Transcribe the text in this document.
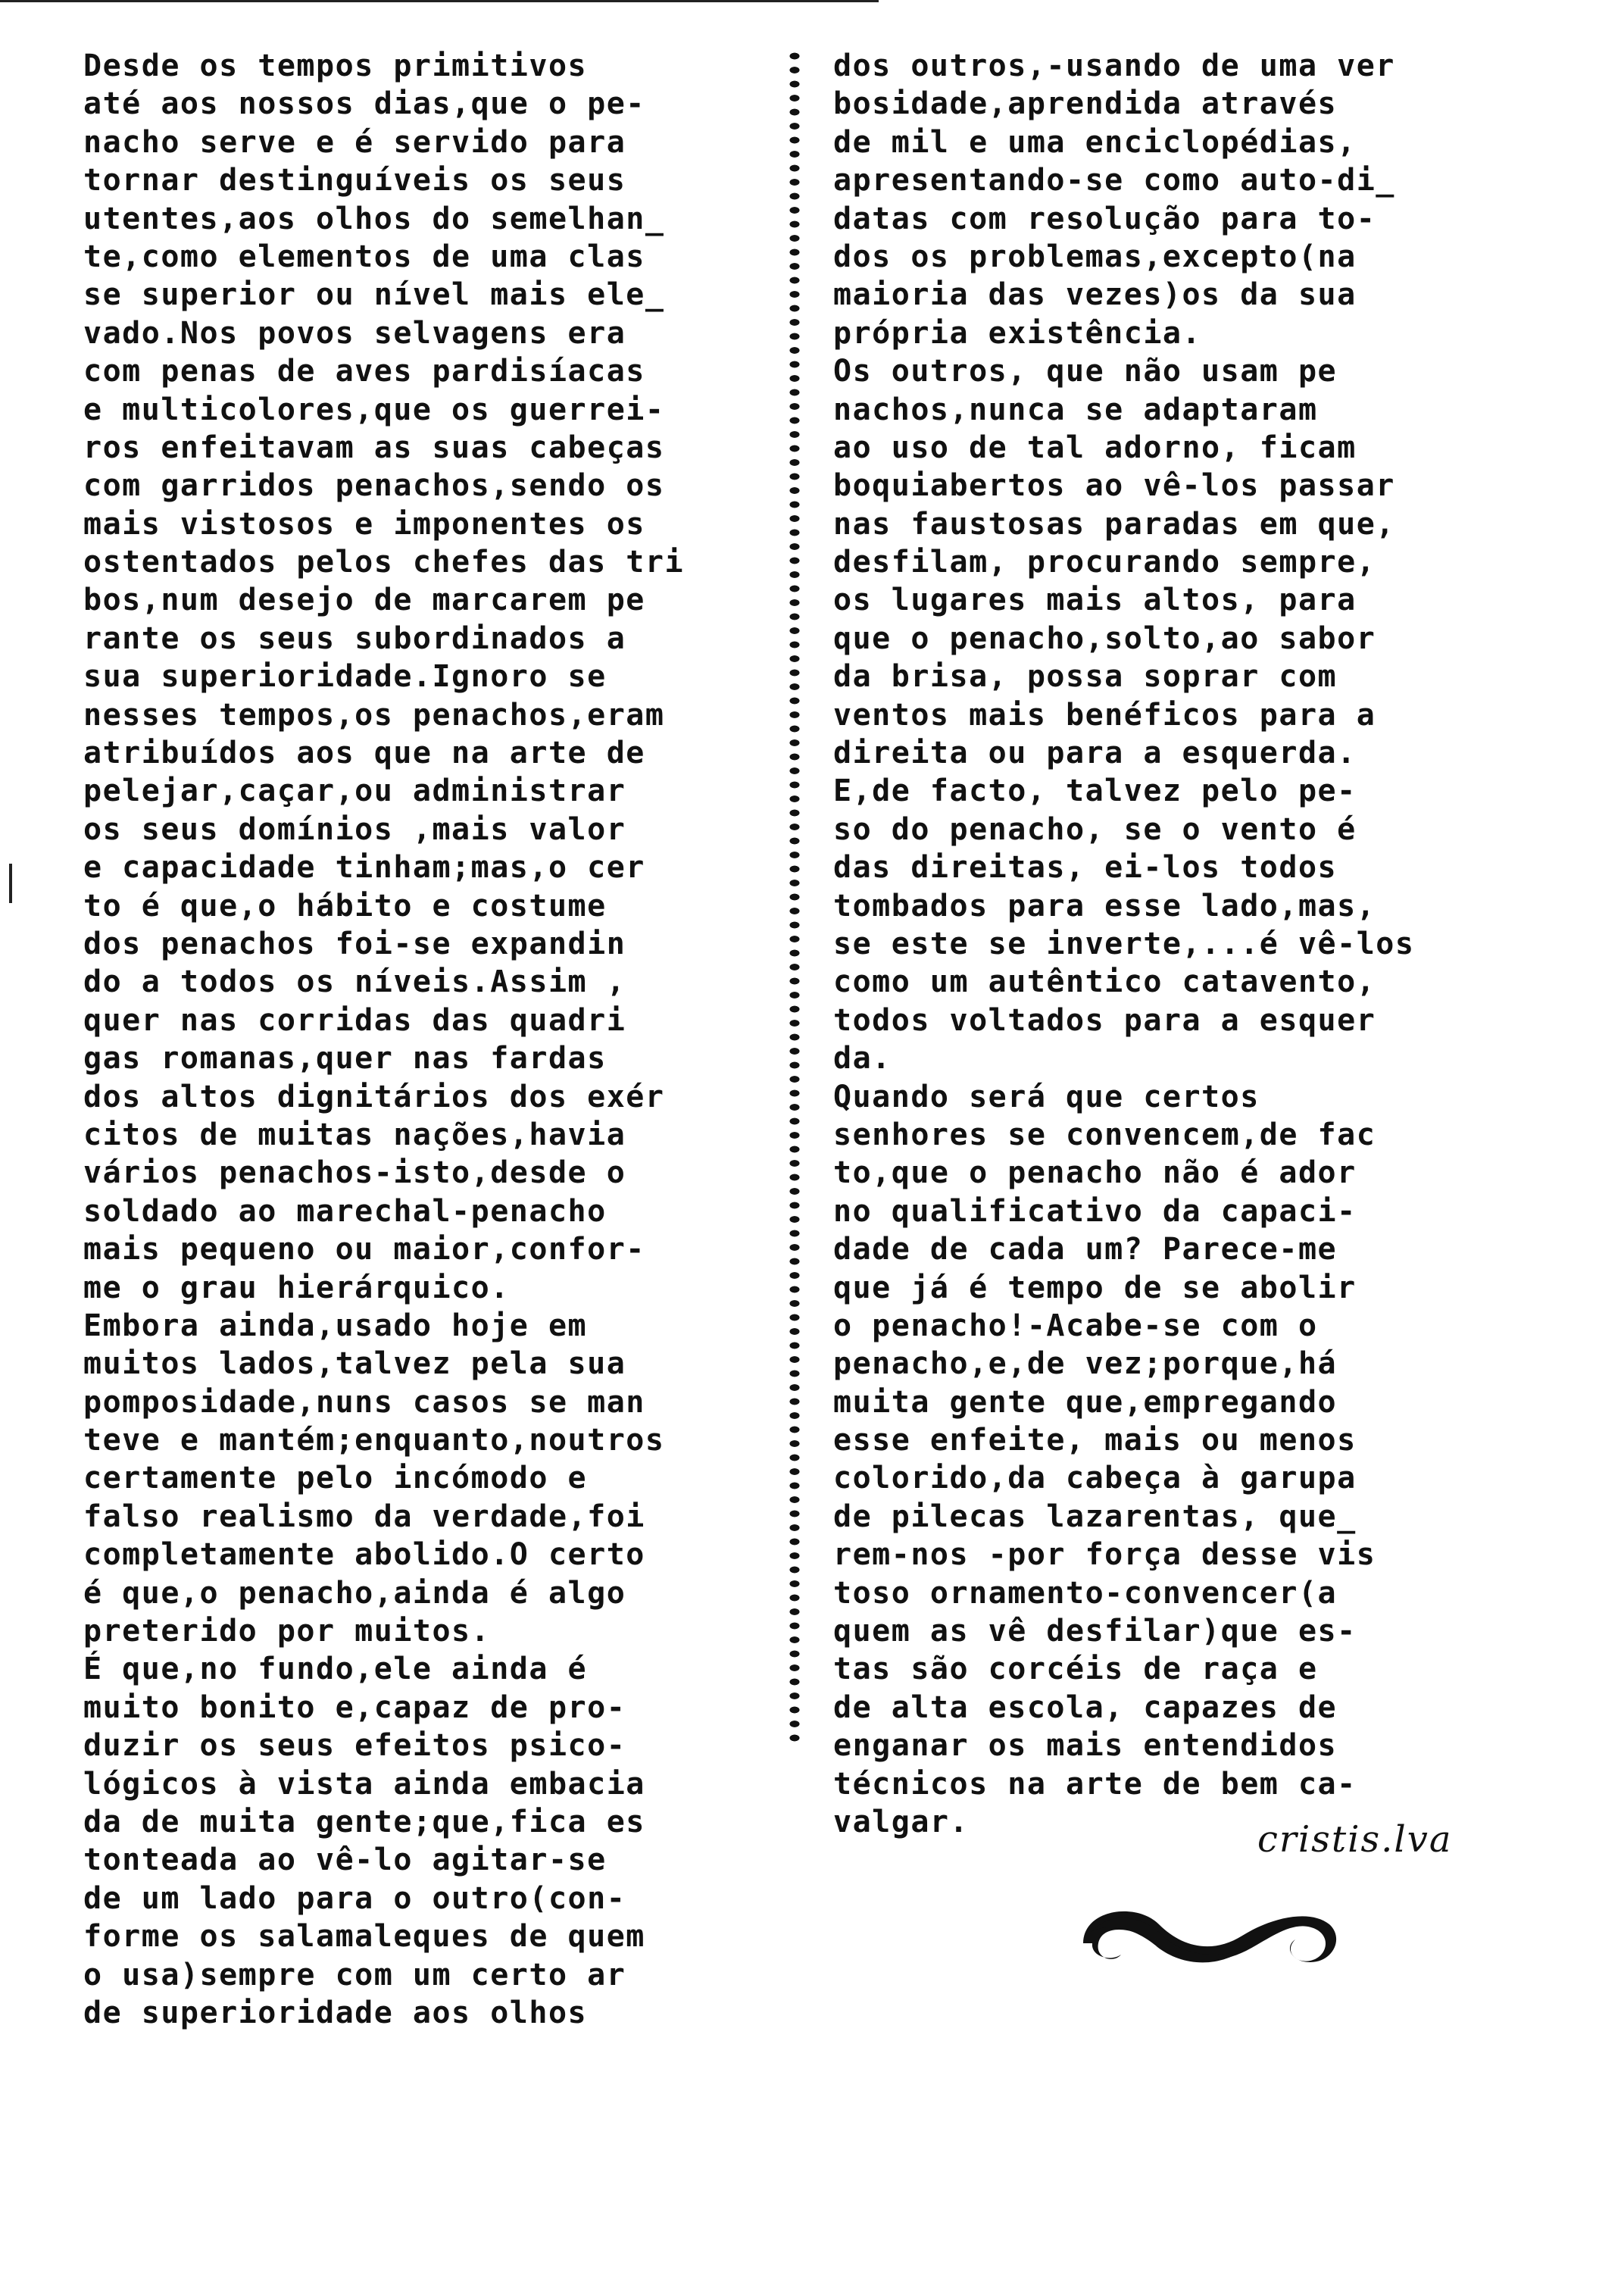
Desde os tempos primitivos
até aos nossos dias,que o pe-
nacho serve e é servido para
tornar destinguíveis os seus
utentes,aos olhos do semelhan_
te,como elementos de uma clas
se superior ou nível mais ele_
vado.Nos povos selvagens era
com penas de aves pardisíacas
e multicolores,que os guerrei-
ros enfeitavam as suas cabeças
com garridos penachos,sendo os
mais vistosos e imponentes os
ostentados pelos chefes das tri
bos,num desejo de marcarem pe
rante os seus subordinados a
sua superioridade.Ignoro se
nesses tempos,os penachos,eram
atribuídos aos que na arte de
pelejar,caçar,ou administrar
os seus domínios ,mais valor
e capacidade tinham;mas,o cer
to é que,o hábito e costume
dos penachos foi-se expandin
do a todos os níveis.Assim ,
quer nas corridas das quadri
gas romanas,quer nas fardas
dos altos dignitários dos exér
citos de muitas nações,havia
vários penachos-isto,desde o
soldado ao marechal-penacho
mais pequeno ou maior,confor-
me o grau hierárquico.
Embora ainda,usado hoje em
muitos lados,talvez pela sua
pomposidade,nuns casos se man
teve e mantém;enquanto,noutros
certamente pelo incómodo e
falso realismo da verdade,foi
completamente abolido.O certo
é que,o penacho,ainda é algo
preterido por muitos.
É que,no fundo,ele ainda é
muito bonito e,capaz de pro-
duzir os seus efeitos psico-
lógicos à vista ainda embacia
da de muita gente;que,fica es
tonteada ao vê-lo agitar-se
de um lado para o outro(con-
forme os salamaleques de quem
o usa)sempre com um certo ar
de superioridade aos olhos
dos outros,-usando de uma ver
bosidade,aprendida através
de mil e uma enciclopédias,
apresentando-se como auto-di_
datas com resolução para to-
dos os problemas,excepto(na
maioria das vezes)os da sua
própria existência.
Os outros, que não usam pe
nachos,nunca se adaptaram
ao uso de tal adorno, ficam
boquiabertos ao vê-los passar
nas faustosas paradas em que,
desfilam, procurando sempre,
os lugares mais altos, para
que o penacho,solto,ao sabor
da brisa, possa soprar com
ventos mais benéficos para a
direita ou para a esquerda.
E,de facto, talvez pelo pe-
so do penacho, se o vento é
das direitas, ei-los todos
tombados para esse lado,mas,
se este se inverte,...é vê-los
como um autêntico catavento,
todos voltados para a esquer
da.
Quando será que certos
senhores se convencem,de fac
to,que o penacho não é ador
no qualificativo da capaci-
dade de cada um? Parece-me
que já é tempo de se abolir
o penacho!-Acabe-se com o
penacho,e,de vez;porque,há
muita gente que,empregando
esse enfeite, mais ou menos
colorido,da cabeça à garupa
de pilecas lazarentas, que_
rem-nos -por força desse vis
toso ornamento-convencer(a
quem as vê desfilar)que es-
tas são corcéis de raça e
de alta escola, capazes de
enganar os mais entendidos
técnicos na arte de bem ca-
valgar.	cristis.lva
